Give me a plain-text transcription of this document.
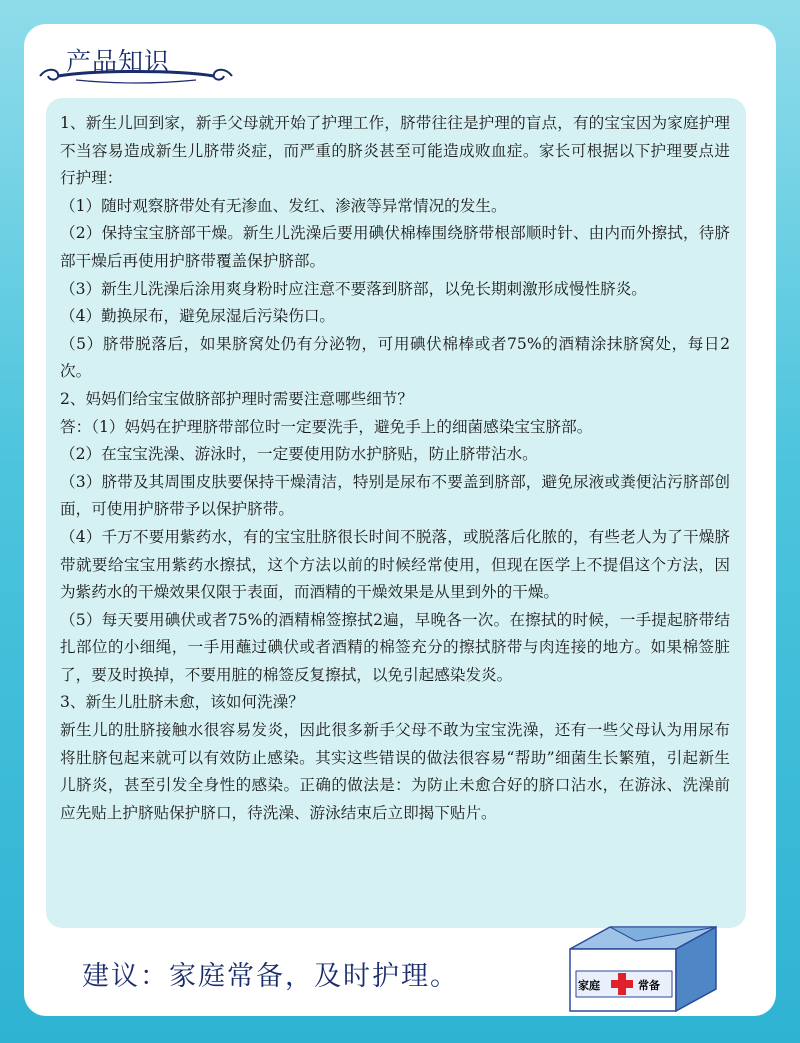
产品知识

1、新生儿回到家，新手父母就开始了护理工作，脐带往往是护理的盲点，有的宝宝因为家庭护理不当容易造成新生儿脐带炎症，而严重的脐炎甚至可能造成败血症。家长可根据以下护理要点进行护理：

（1）随时观察脐带处有无渗血、发红、渗液等异常情况的发生。

（2）保持宝宝脐部干燥。新生儿洗澡后要用碘伏棉棒围绕脐带根部顺时针、由内而外擦拭，待脐部干燥后再使用护脐带覆盖保护脐部。

（3）新生儿洗澡后涂用爽身粉时应注意不要落到脐部，以免长期刺激形成慢性脐炎。

（4）勤换尿布，避免尿湿后污染伤口。

（5）脐带脱落后，如果脐窝处仍有分泌物，可用碘伏棉棒或者75%的酒精涂抹脐窝处，每日2次。

2、妈妈们给宝宝做脐部护理时需要注意哪些细节？

答：（1）妈妈在护理脐带部位时一定要洗手，避免手上的细菌感染宝宝脐部。

（2）在宝宝洗澡、游泳时，一定要使用防水护脐贴，防止脐带沾水。

（3）脐带及其周围皮肤要保持干燥清洁，特别是尿布不要盖到脐部，避免尿液或粪便沾污脐部创面，可使用护脐带予以保护脐带。

（4）千万不要用紫药水，有的宝宝肚脐很长时间不脱落，或脱落后化脓的，有些老人为了干燥脐带就要给宝宝用紫药水擦拭，这个方法以前的时候经常使用，但现在医学上不提倡这个方法，因为紫药水的干燥效果仅限于表面，而酒精的干燥效果是从里到外的干燥。

（5）每天要用碘伏或者75%的酒精棉签擦拭2遍，早晚各一次。在擦拭的时候，一手提起脐带结扎部位的小细绳，一手用蘸过碘伏或者酒精的棉签充分的擦拭脐带与肉连接的地方。如果棉签脏了，要及时换掉，不要用脏的棉签反复擦拭，以免引起感染发炎。

3、新生儿肚脐未愈，该如何洗澡？

新生儿的肚脐接触水很容易发炎，因此很多新手父母不敢为宝宝洗澡，还有一些父母认为用尿布将肚脐包起来就可以有效防止感染。其实这些错误的做法很容易“帮助”细菌生长繁殖，引起新生儿脐炎，甚至引发全身性的感染。正确的做法是：为防止未愈合好的脐口沾水，在游泳、洗澡前应先贴上护脐贴保护脐口，待洗澡、游泳结束后立即揭下贴片。

建议：家庭常备，及时护理。	家庭	常备
